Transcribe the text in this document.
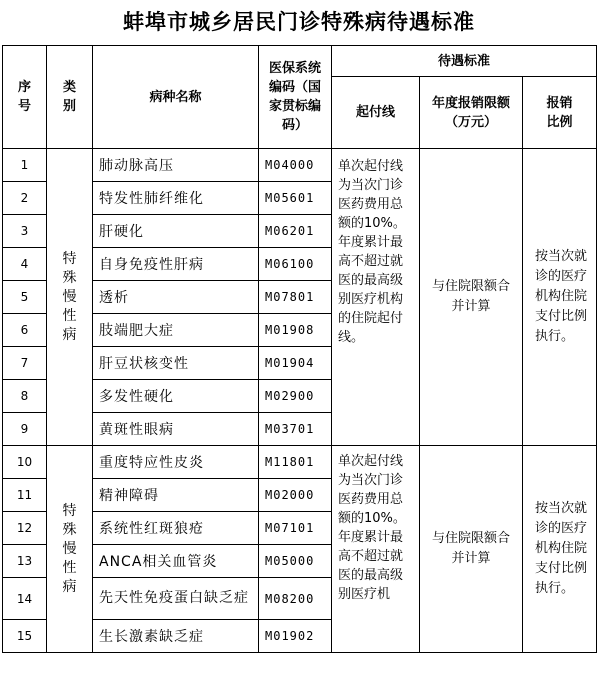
蚌埠市城乡居民门诊特殊病待遇标准
序号	类别	病种名称	医保系统编码（国家贯标编码）	待遇标准		
				起付线	年度报销限额（万元）	报销比例
1	特殊慢性病	肺动脉高压	M04000	单次起付线为当次门诊医药费用总额的10%。年度累计最高不超过就医的最高级别医疗机构的住院起付线。	与住院限额合并计算	按当次就诊的医疗机构住院支付比例执行。
2		特发性肺纤维化	M05601			
3		肝硬化	M06201			
4		自身免疫性肝病	M06100			
5		透析	M07801			
6		肢端肥大症	M01908			
7		肝豆状核变性	M01904			
8		多发性硬化	M02900			
9		黄斑性眼病	M03701			
10	特殊慢性病	重度特应性皮炎	M11801	单次起付线为当次门诊医药费用总额的10%。年度累计最高不超过就医的最高级别医疗机	与住院限额合并计算	按当次就诊的医疗机构住院支付比例执行。
11		精神障碍	M02000			
12		系统性红斑狼疮	M07101			
13		ANCA相关血管炎	M05000			
14		先天性免疫蛋白缺乏症	M08200			
15		生长激素缺乏症	M01902			
